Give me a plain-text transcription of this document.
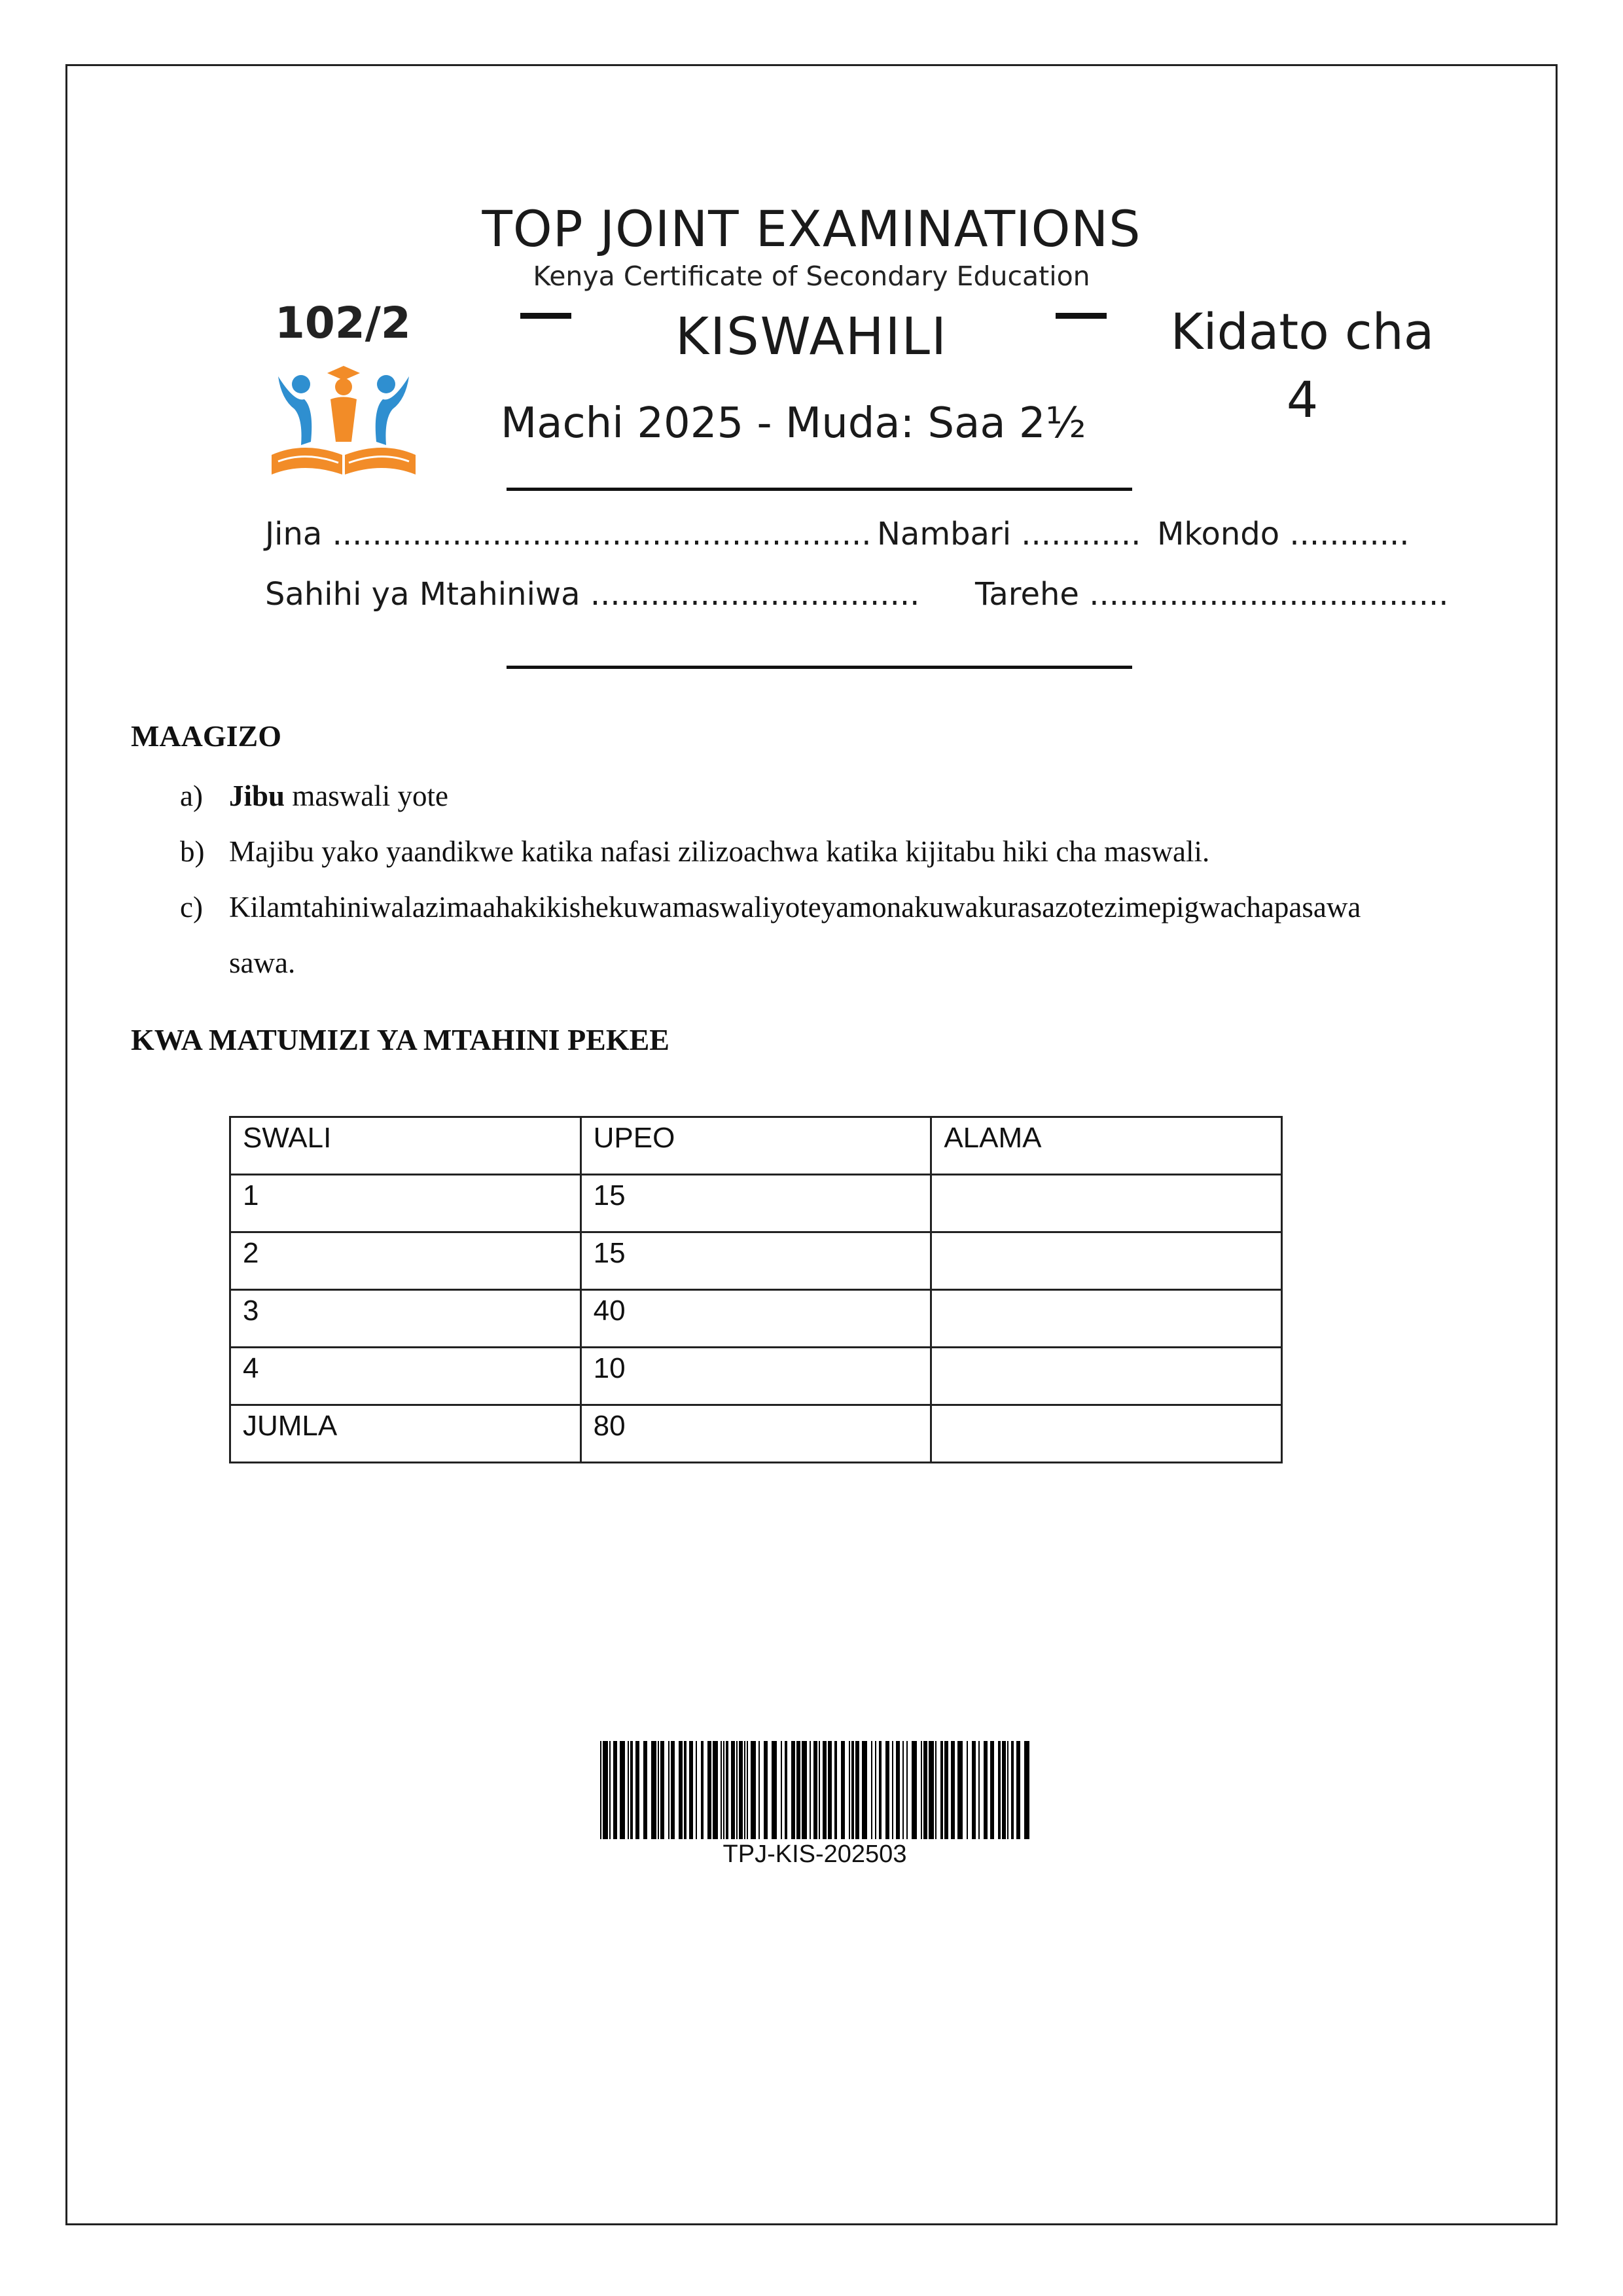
TOP JOINT EXAMINATIONS
Kenya Certificate of Secondary Education
102/2	KISWAHILI	Kidato cha
4
Machi 2025 - Muda: Saa 2½
Jina ...................................................... Nambari ............ Mkondo ............
Sahihi ya Mtahiniwa ................................. Tarehe ....................................
MAAGIZO
a) Jibu maswali yote
b) Majibu yako yaandikwe katika nafasi zilizoachwa katika kijitabu hiki cha maswali.
c) Kilamtahiniwalazimaahakikishekuwamaswaliyoteyamonakuwakurasazotezimepigwachapasawa
sawa.
KWA MATUMIZI YA MTAHINI PEKEE
SWALI	UPEO	ALAMA
1	15	
2	15	
3	40	
4	10	
JUMLA	80	
TPJ-KIS-202503
